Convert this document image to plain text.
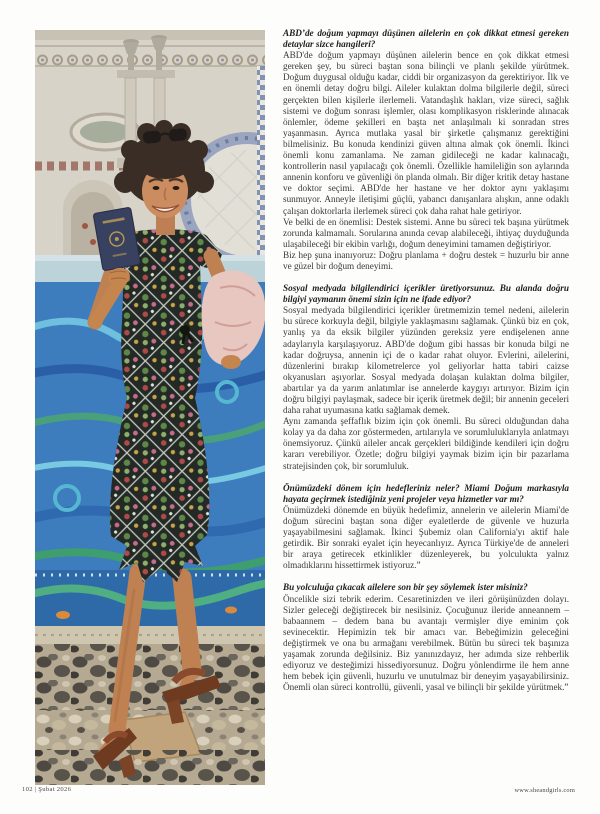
ABD’de doğum yapmayı düşünen ailelerin en çok dikkat etmesi gereken detaylar sizce hangileri?

ABD'de doğum yapmayı düşünen ailelerin bence en çok dikkat etmesi gereken şey, bu süreci baştan sona bilinçli ve planlı şekilde yürütmek. Doğum duygusal olduğu kadar, ciddi bir organizasyon da gerektiriyor. İlk ve en önemli detay doğru bilgi. Aileler kulaktan dolma bilgilerle değil, süreci gerçekten bilen kişilerle ilerlemeli. Vatandaşlık hakları, vize süreci, sağlık sistemi ve doğum sonrası işlemler, olası komplikasyon risklerinde alınacak önlemler, ödeme şekilleri en başta net anlaşılmalı ki sonradan stres yaşanmasın. Ayrıca mutlaka yasal bir şirketle çalışmanız gerektiğini bilmelisiniz. Bu konuda kendinizi güven altına almak çok önemli. İkinci önemli konu zamanlama. Ne zaman gidileceği ne kadar kalınacağı, kontrollerin nasıl yapılacağı çok önemli. Özellikle hamileliğin son aylarında annenin konforu ve güvenliği ön planda olmalı. Bir diğer kritik detay hastane ve doktor seçimi. ABD'de her hastane ve her doktor aynı yaklaşımı sunmuyor. Anneyle iletişimi güçlü, yabancı danışanlara alışkın, anne odaklı çalışan doktorlarla ilerlemek süreci çok daha rahat hale getiriyor.

Ve belki de en önemlisi: Destek sistemi. Anne bu süreci tek başına yürütmek zorunda kalmamalı. Sorularına anında cevap alabileceği, ihtiyaç duyduğunda ulaşabileceği bir ekibin varlığı, doğum deneyimini tamamen değiştiriyor.

Biz hep şuna inanıyoruz: Doğru planlama + doğru destek = huzurlu bir anne ve güzel bir doğum deneyimi.

Sosyal medyada bilgilendirici içerikler üretiyorsunuz. Bu alanda doğru bilgiyi yaymanın önemi sizin için ne ifade ediyor?

Sosyal medyada bilgilendirici içerikler üretmemizin temel nedeni, ailelerin bu sürece korkuyla değil, bilgiyle yaklaşmasını sağlamak. Çünkü biz en çok, yanlış ya da eksik bilgiler yüzünden gereksiz yere endişelenen anne adaylarıyla karşılaşıyoruz. ABD'de doğum gibi hassas bir konuda bilgi ne kadar doğruysa, annenin içi de o kadar rahat oluyor. Evlerini, ailelerini, düzenlerini bırakıp kilometrelerce yol geliyorlar hatta tabiri caizse okyanusları aşıyorlar. Sosyal medyada dolaşan kulaktan dolma bilgiler, abartılar ya da yarım anlatımlar ise annelerde kaygıyı artırıyor. Bizim için doğru bilgiyi paylaşmak, sadece bir içerik üretmek değil; bir annenin geceleri daha rahat uyumasına katkı sağlamak demek.

Aynı zamanda şeffaflık bizim için çok önemli. Bu süreci olduğundan daha kolay ya da daha zor göstermeden, artılarıyla ve sorumluluklarıyla anlatmayı önemsiyoruz. Çünkü aileler ancak gerçekleri bildiğinde kendileri için doğru kararı verebiliyor. Özetle; doğru bilgiyi yaymak bizim için bir pazarlama stratejisinden çok, bir sorumluluk.

Önümüzdeki dönem için hedefleriniz neler? Miami Doğum markasıyla hayata geçirmek istediğiniz yeni projeler veya hizmetler var mı?

Önümüzdeki dönemde en büyük hedefimiz, annelerin ve ailelerin Miami'de doğum sürecini baştan sona diğer eyaletlerde de güvenle ve huzurla yaşayabilmesini sağlamak. İkinci Şubemiz olan California'yı aktif hale getirdik. Bir sonraki eyalet için heyecanlıyız. Ayrıca Türkiye'de de anneleri bir araya getirecek etkinlikler düzenleyerek, bu yolculukta yalnız olmadıklarını hissettirmek istiyoruz.”

Bu yolculuğa çıkacak ailelere son bir şey söylemek ister misiniz?

Öncelikle sizi tebrik ederim. Cesaretinizden ve ileri görüşünüzden dolayı. Sizler geleceği değiştirecek bir nesilsiniz. Çocuğunuz ileride anneannem – babaannem – dedem bana bu avantajı vermişler diye eminim çok sevinecektir. Hepimizin tek bir amacı var. Bebeğimizin geleceğini değiştirmek ve ona bu armağanı verebilmek. Bütün bu süreci tek başınıza yaşamak zorunda değilsiniz. Biz yanınızdayız, her adımda size rehberlik ediyoruz ve desteğimizi hissediyorsunuz. Doğru yönlendirme ile hem anne hem bebek için güvenli, huzurlu ve unutulmaz bir deneyim yaşayabilirsiniz. Önemli olan süreci kontrollü, güvenli, yasal ve bilinçli bir şekilde yürütmek.”

102 | Şubat 2026	www.sheandgirls.com
